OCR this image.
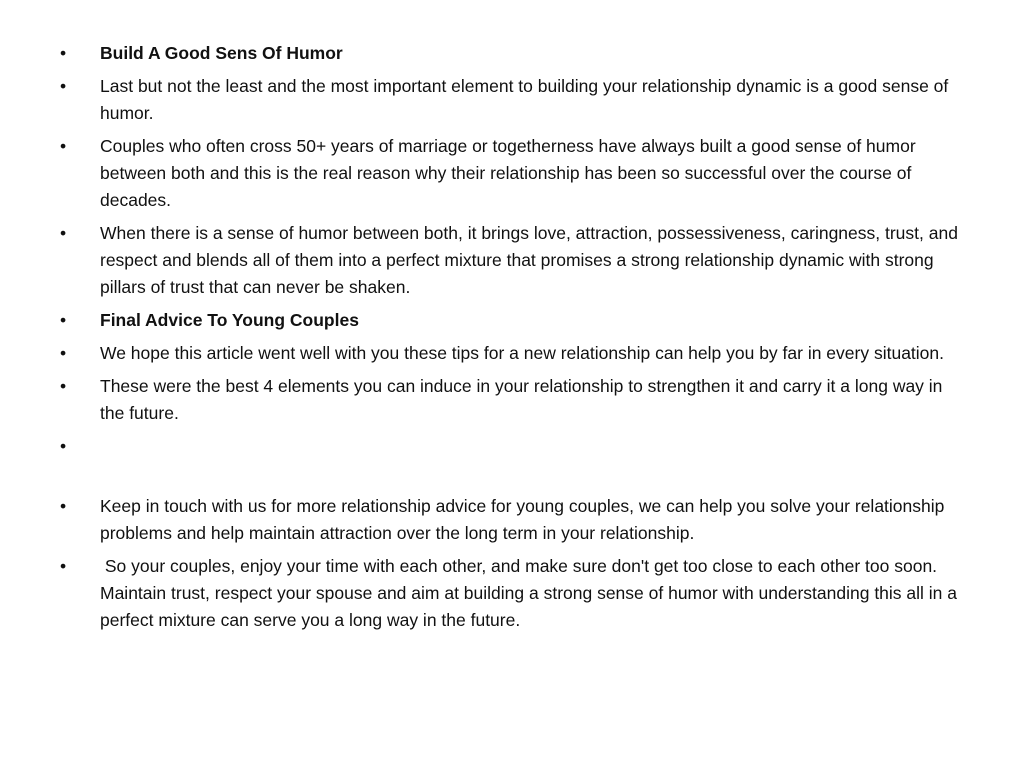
•	Build A Good Sens Of Humor
•	Last but not the least and the most important element to building your relationship dynamic is a good sense of humor.
•	Couples who often cross 50+ years of marriage or togetherness have always built a good sense of humor between both and this is the real reason why their relationship has been so successful over the course of decades.
•	When there is a sense of humor between both, it brings love, attraction, possessiveness, caringness, trust, and respect and blends all of them into a perfect mixture that promises a strong relationship dynamic with strong pillars of trust that can never be shaken.
•	Final Advice To Young Couples
•	We hope this article went well with you these tips for a new relationship can help you by far in every situation.
•	These were the best 4 elements you can induce in your relationship to strengthen it and carry it a long way in the future.
•
•	Keep in touch with us for more relationship advice for young couples, we can help you solve your relationship problems and help maintain attraction over the long term in your relationship.
•	So your couples, enjoy your time with each other, and make sure don't get too close to each other too soon. Maintain trust, respect your spouse and aim at building a strong sense of humor with understanding this all in a perfect mixture can serve you a long way in the future.
